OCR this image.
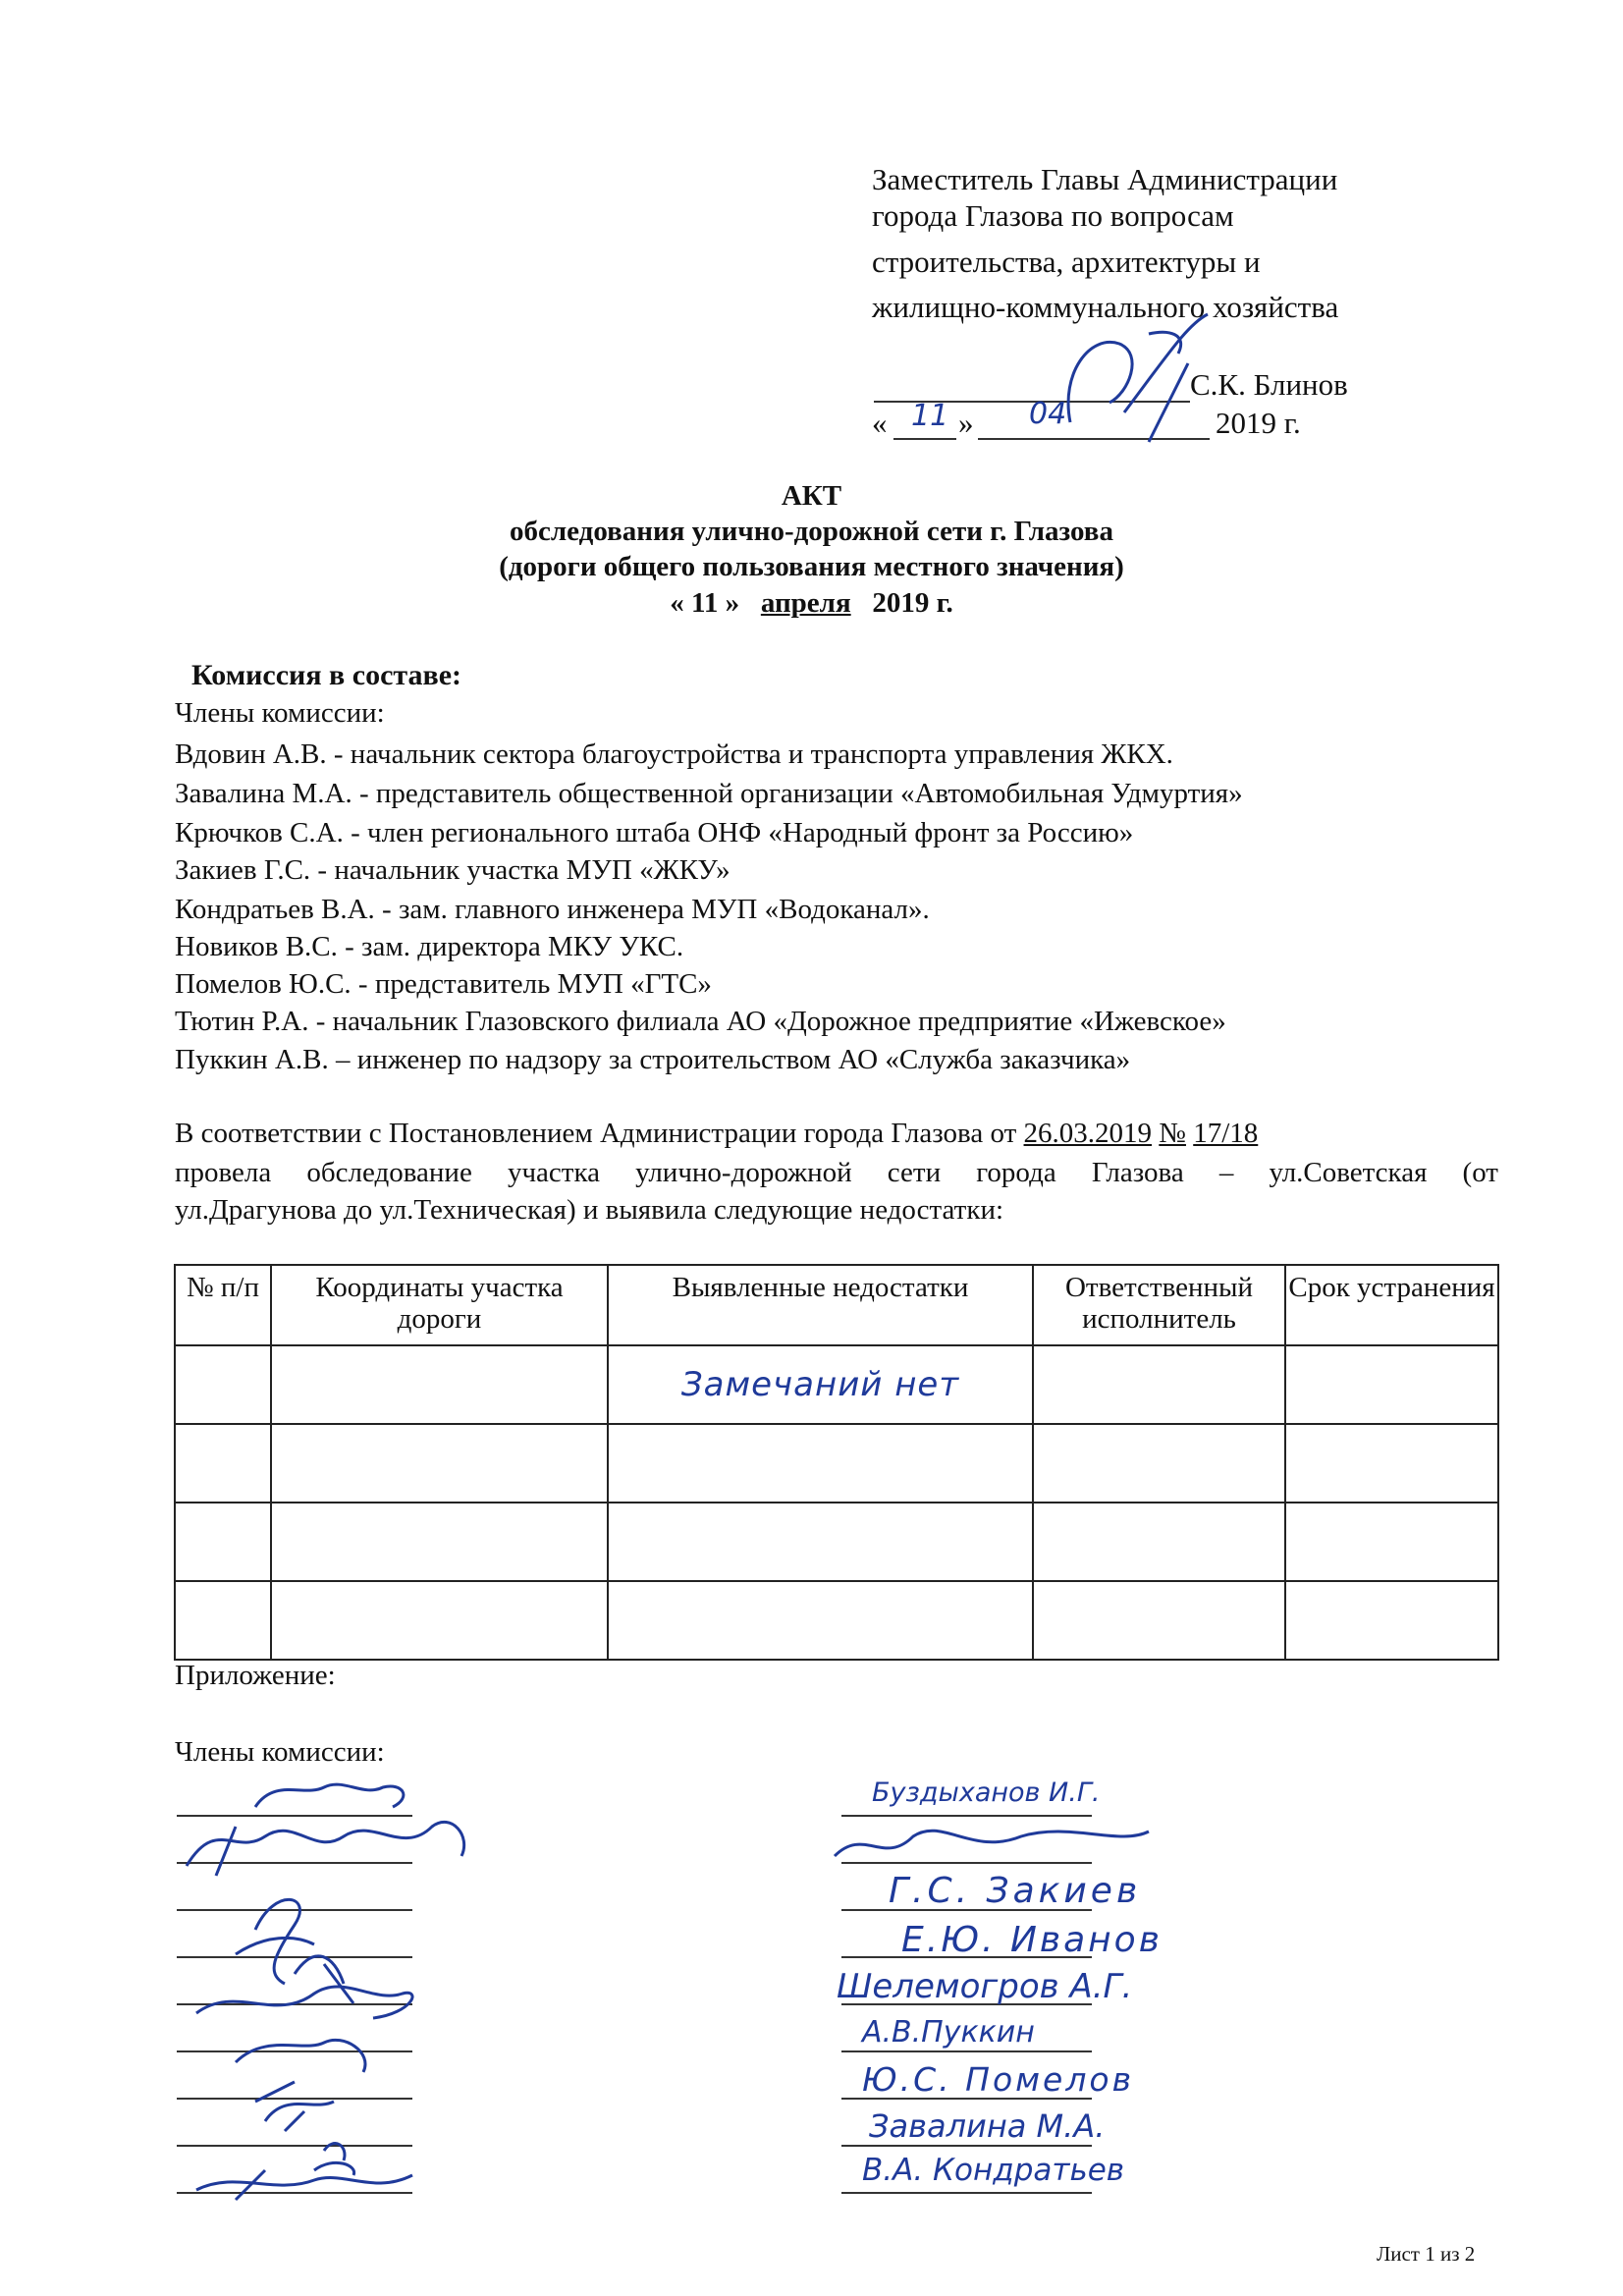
Заместитель Главы Администрации
города Глазова по вопросам
строительства, архитектуры и
жилищно-коммунального хозяйства
С.К. Блинов
« »	2019 г.
11	04
АКТ
обследования улично-дорожной сети г. Глазова
(дороги общего пользования местного значения)
« 11 » апреля 2019 г.
Комиссия в составе:
Члены комиссии:
Вдовин А.В. - начальник сектора благоустройства и транспорта управления ЖКХ.
Завалина М.А. - представитель общественной организации «Автомобильная Удмуртия»
Крючков С.А. - член регионального штаба ОНФ «Народный фронт за Россию»
Закиев Г.С. - начальник участка МУП «ЖКУ»
Кондратьев В.А. - зам. главного инженера МУП «Водоканал».
Новиков В.С. - зам. директора МКУ УКС.
Помелов Ю.С. - представитель МУП «ГТС»
Тютин Р.А. - начальник Глазовского филиала АО «Дорожное предприятие «Ижевское»
Пуккин А.В. – инженер по надзору за строительством АО «Служба заказчика»
В соответствии с Постановлением Администрации города Глазова от 26.03.2019 № 17/18
провела обследование участка улично-дорожной сети города Глазова – ул.Советская (от
ул.Драгунова до ул.Техническая) и выявила следующие недостатки:
№ п/п	Координаты участка дороги	Выявленные недостатки	Ответственный исполнитель	Срок устранения
		Замечаний нет		

Приложение:
Члены комиссии:
Буздыханов И.Г.
Г.С. Закиев
Е.Ю. Иванов
Шелемогров А.Г.
А.В.Пуккин
Ю.С. Помелов
Завалина М.А.
В.А. Кондратьев
Лист 1 из 2
